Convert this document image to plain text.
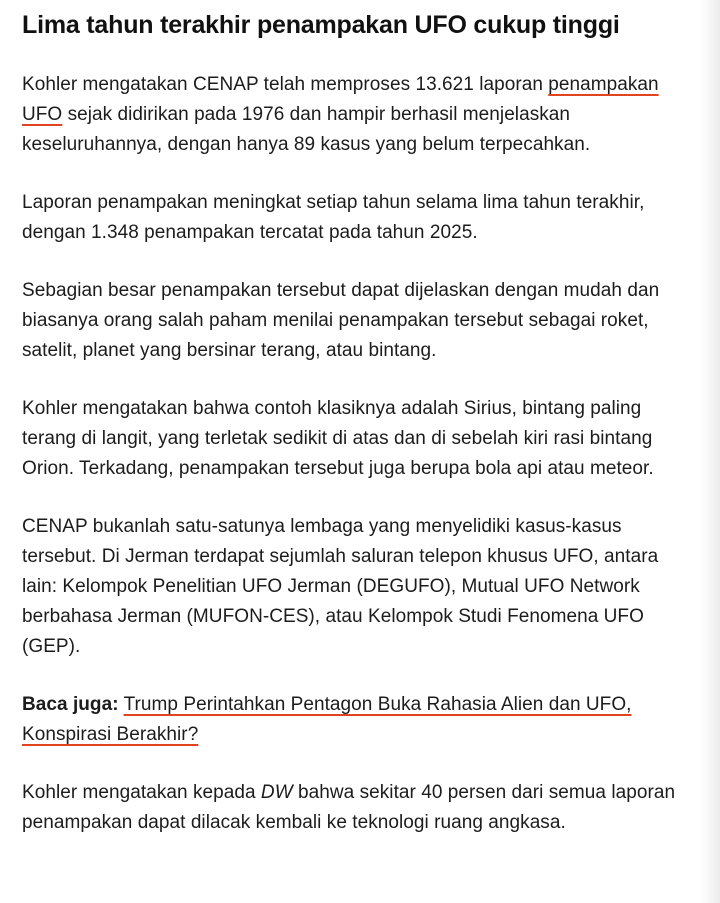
Lima tahun terakhir penampakan UFO cukup tinggi

Kohler mengatakan CENAP telah memproses 13.621 laporan penampakan UFO sejak didirikan pada 1976 dan hampir berhasil menjelaskan keseluruhannya, dengan hanya 89 kasus yang belum terpecahkan.

Laporan penampakan meningkat setiap tahun selama lima tahun terakhir, dengan 1.348 penampakan tercatat pada tahun 2025.

Sebagian besar penampakan tersebut dapat dijelaskan dengan mudah dan biasanya orang salah paham menilai penampakan tersebut sebagai roket, satelit, planet yang bersinar terang, atau bintang.

Kohler mengatakan bahwa contoh klasiknya adalah Sirius, bintang paling terang di langit, yang terletak sedikit di atas dan di sebelah kiri rasi bintang Orion. Terkadang, penampakan tersebut juga berupa bola api atau meteor.

CENAP bukanlah satu-satunya lembaga yang menyelidiki kasus-kasus tersebut. Di Jerman terdapat sejumlah saluran telepon khusus UFO, antara lain: Kelompok Penelitian UFO Jerman (DEGUFO), Mutual UFO Network berbahasa Jerman (MUFON-CES), atau Kelompok Studi Fenomena UFO (GEP).

Baca juga: Trump Perintahkan Pentagon Buka Rahasia Alien dan UFO, Konspirasi Berakhir?

Kohler mengatakan kepada DW bahwa sekitar 40 persen dari semua laporan penampakan dapat dilacak kembali ke teknologi ruang angkasa.
